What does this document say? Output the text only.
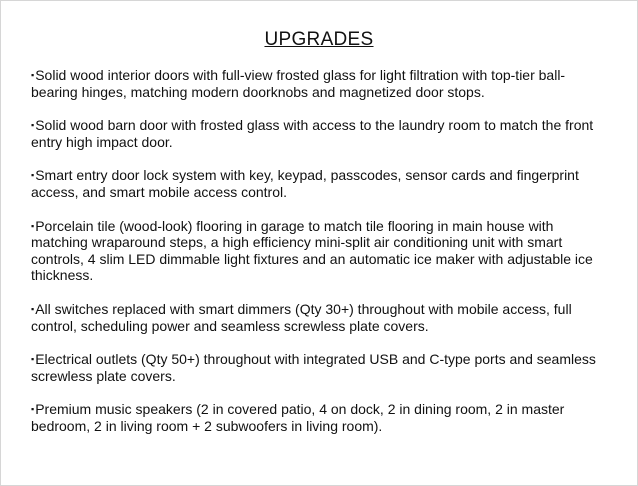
UPGRADES
▪Solid wood interior doors with full-view frosted glass for light filtration with top-tier ball-bearing hinges, matching modern doorknobs and magnetized door stops.
▪Solid wood barn door with frosted glass with access to the laundry room to match the front entry high impact door.
▪Smart entry door lock system with key, keypad, passcodes, sensor cards and fingerprint access, and smart mobile access control.
▪Porcelain tile (wood-look) flooring in garage to match tile flooring in main house with matching wraparound steps, a high efficiency mini-split air conditioning unit with smart controls, 4 slim LED dimmable light fixtures and an automatic ice maker with adjustable ice thickness.
▪All switches replaced with smart dimmers (Qty 30+) throughout with mobile access, full control, scheduling power and seamless screwless plate covers.
▪Electrical outlets (Qty 50+) throughout with integrated USB and C-type ports and seamless screwless plate covers.
▪Premium music speakers (2 in covered patio, 4 on dock, 2 in dining room, 2 in master bedroom, 2 in living room + 2 subwoofers in living room).
